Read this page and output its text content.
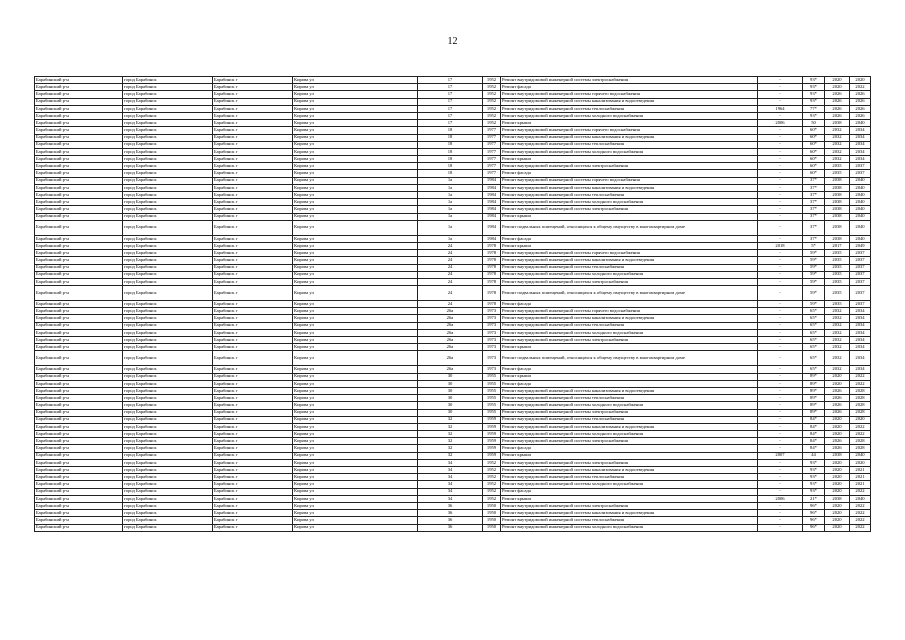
12
Барабинский р-н	город Барабинск	Барабинск г	Кирова ул	17	1952	Ремонт внутридомовой инженерной системы электроснабжения	-	93*	2020	2020
Барабинский р-н	город Барабинск	Барабинск г	Кирова ул	17	1952	Ремонт фасада	-	93*	2020	2022
Барабинский р-н	город Барабинск	Барабинск г	Кирова ул	17	1952	Ремонт внутридомовой инженерной системы горячего водоснабжения	-	93*	2026	2026
Барабинский р-н	город Барабинск	Барабинск г	Кирова ул	17	1952	Ремонт внутридомовой инженерной системы канализования и водоотведения	-	93*	2026	2026
Барабинский р-н	город Барабинск	Барабинск г	Кирова ул	17	1952	Ремонт внутридомовой инженерной системы теплоснабжения	1964	77*	2026	2026
Барабинский р-н	город Барабинск	Барабинск г	Кирова ул	17	1952	Ремонт внутридомовой инженерной системы холодного водоснабжения	-	93*	2026	2026
Барабинский р-н	город Барабинск	Барабинск г	Кирова ул	17	1952	Ремонт крыши	2006	50	2038	2040
Барабинский р-н	город Барабинск	Барабинск г	Кирова ул	18	1977	Ремонт внутридомовой инженерной системы горячего водоснабжения	-	60*	2032	2034
Барабинский р-н	город Барабинск	Барабинск г	Кирова ул	18	1977	Ремонт внутридомовой инженерной системы канализования и водоотведения	-	60*	2032	2034
Барабинский р-н	город Барабинск	Барабинск г	Кирова ул	18	1977	Ремонт внутридомовой инженерной системы теплоснабжения	-	60*	2032	2034
Барабинский р-н	город Барабинск	Барабинск г	Кирова ул	18	1977	Ремонт внутридомовой инженерной системы холодного водоснабжения	-	60*	2032	2034
Барабинский р-н	город Барабинск	Барабинск г	Кирова ул	18	1977	Ремонт крыши	-	60*	2032	2034
Барабинский р-н	город Барабинск	Барабинск г	Кирова ул	18	1977	Ремонт внутридомовой инженерной системы электроснабжения	-	60*	2035	2037
Барабинский р-н	город Барабинск	Барабинск г	Кирова ул	18	1977	Ремонт фасада	-	60*	2035	2037
Барабинский р-н	город Барабинск	Барабинск г	Кирова ул	1а	1984	Ремонт внутридомовой инженерной системы горячего водоснабжения	-	37*	2038	2040
Барабинский р-н	город Барабинск	Барабинск г	Кирова ул	1а	1984	Ремонт внутридомовой инженерной системы канализования и водоотведения	-	37*	2038	2040
Барабинский р-н	город Барабинск	Барабинск г	Кирова ул	1а	1984	Ремонт внутридомовой инженерной системы теплоснабжения	-	37*	2038	2040
Барабинский р-н	город Барабинск	Барабинск г	Кирова ул	1а	1984	Ремонт внутридомовой инженерной системы холодного водоснабжения	-	37*	2038	2040
Барабинский р-н	город Барабинск	Барабинск г	Кирова ул	1а	1984	Ремонт внутридомовой инженерной системы электроснабжения	-	37*	2038	2040
Барабинский р-н	город Барабинск	Барабинск г	Кирова ул	1а	1984	Ремонт крыши	-	37*	2038	2040
Барабинский р-н	город Барабинск	Барабинск г	Кирова ул	1а	1984	Ремонт подвальных помещений, относящихся к общему имуществу в многоквартирном доме	-	37*	2038	2040
Барабинский р-н	город Барабинск	Барабинск г	Кирова ул	1а	1984	Ремонт фасада	-	37*	2038	2040
Барабинский р-н	город Барабинск	Барабинск г	Кирова ул	24	1978	Ремонт крыши	2018	5*	2017	2049
Барабинский р-н	город Барабинск	Барабинск г	Кирова ул	24	1978	Ремонт внутридомовой инженерной системы горячего водоснабжения	-	59*	2035	2037
Барабинский р-н	город Барабинск	Барабинск г	Кирова ул	24	1978	Ремонт внутридомовой инженерной системы канализования и водоотведения	-	59*	2035	2037
Барабинский р-н	город Барабинск	Барабинск г	Кирова ул	24	1978	Ремонт внутридомовой инженерной системы теплоснабжения	-	59*	2035	2037
Барабинский р-н	город Барабинск	Барабинск г	Кирова ул	24	1978	Ремонт внутридомовой инженерной системы холодного водоснабжения	-	59*	2035	2037
Барабинский р-н	город Барабинск	Барабинск г	Кирова ул	24	1978	Ремонт внутридомовой инженерной системы электроснабжения	-	59*	2035	2037
Барабинский р-н	город Барабинск	Барабинск г	Кирова ул	24	1978	Ремонт подвальных помещений, относящихся к общему имуществу в многоквартирном доме	-	59*	2035	2037
Барабинский р-н	город Барабинск	Барабинск г	Кирова ул	24	1978	Ремонт фасада	-	59*	2035	2037
Барабинский р-н	город Барабинск	Барабинск г	Кирова ул	26а	1973	Ремонт внутридомовой инженерной системы горячего водоснабжения	-	65*	2032	2034
Барабинский р-н	город Барабинск	Барабинск г	Кирова ул	26а	1973	Ремонт внутридомовой инженерной системы канализования и водоотведения	-	65*	2032	2034
Барабинский р-н	город Барабинск	Барабинск г	Кирова ул	26а	1973	Ремонт внутридомовой инженерной системы теплоснабжения	-	65*	2032	2034
Барабинский р-н	город Барабинск	Барабинск г	Кирова ул	26а	1973	Ремонт внутридомовой инженерной системы холодного водоснабжения	-	65*	2032	2034
Барабинский р-н	город Барабинск	Барабинск г	Кирова ул	26а	1973	Ремонт внутридомовой инженерной системы электроснабжения	-	65*	2032	2034
Барабинский р-н	город Барабинск	Барабинск г	Кирова ул	26а	1973	Ремонт крыши	-	65*	2032	2034
Барабинский р-н	город Барабинск	Барабинск г	Кирова ул	26а	1973	Ремонт подвальных помещений, относящихся к общему имуществу в многоквартирном доме	-	65*	2032	2034
Барабинский р-н	город Барабинск	Барабинск г	Кирова ул	26а	1973	Ремонт фасада	-	65*	2032	2034
Барабинский р-н	город Барабинск	Барабинск г	Кирова ул	30	1955	Ремонт крыши	-	89*	2020	2022
Барабинский р-н	город Барабинск	Барабинск г	Кирова ул	30	1955	Ремонт фасада	-	89*	2020	2022
Барабинский р-н	город Барабинск	Барабинск г	Кирова ул	30	1955	Ремонт внутридомовой инженерной системы канализования и водоотведения	-	89*	2026	2028
Барабинский р-н	город Барабинск	Барабинск г	Кирова ул	30	1955	Ремонт внутридомовой инженерной системы теплоснабжения	-	89*	2026	2028
Барабинский р-н	город Барабинск	Барабинск г	Кирова ул	30	1955	Ремонт внутридомовой инженерной системы холодного водоснабжения	-	89*	2026	2028
Барабинский р-н	город Барабинск	Барабинск г	Кирова ул	30	1955	Ремонт внутридомовой инженерной системы электроснабжения	-	89*	2026	2028
Барабинский р-н	город Барабинск	Барабинск г	Кирова ул	32	1959	Ремонт внутридомовой инженерной системы теплоснабжения	-	84*	2020	2020
Барабинский р-н	город Барабинск	Барабинск г	Кирова ул	32	1959	Ремонт внутридомовой инженерной системы канализования и водоотведения	-	84*	2020	2022
Барабинский р-н	город Барабинск	Барабинск г	Кирова ул	32	1959	Ремонт внутридомовой инженерной системы холодного водоснабжения	-	84*	2020	2022
Барабинский р-н	город Барабинск	Барабинск г	Кирова ул	32	1959	Ремонт внутридомовой инженерной системы электроснабжения	-	84*	2026	2028
Барабинский р-н	город Барабинск	Барабинск г	Кирова ул	32	1959	Ремонт фасада	-	84*	2026	2028
Барабинский р-н	город Барабинск	Барабинск г	Кирова ул	32	1959	Ремонт крыши	2007	44	2038	2040
Барабинский р-н	город Барабинск	Барабинск г	Кирова ул	34	1952	Ремонт внутридомовой инженерной системы электроснабжения	-	93*	2020	2020
Барабинский р-н	город Барабинск	Барабинск г	Кирова ул	34	1952	Ремонт внутридомовой инженерной системы канализования и водоотведения	-	93*	2020	2021
Барабинский р-н	город Барабинск	Барабинск г	Кирова ул	34	1952	Ремонт внутридомовой инженерной системы теплоснабжения	-	93*	2020	2021
Барабинский р-н	город Барабинск	Барабинск г	Кирова ул	34	1952	Ремонт внутридомовой инженерной системы холодного водоснабжения	-	93*	2020	2021
Барабинский р-н	город Барабинск	Барабинск г	Кирова ул	34	1952	Ремонт фасада	-	93*	2020	2022
Барабинский р-н	город Барабинск	Барабинск г	Кирова ул	34	1952	Ремонт крыши	2006	21*	2038	2040
Барабинский р-н	город Барабинск	Барабинск г	Кирова ул	36	1950	Ремонт внутридомовой инженерной системы электроснабжения	-	96*	2020	2022
Барабинский р-н	город Барабинск	Барабинск г	Кирова ул	36	1950	Ремонт внутридомовой инженерной системы канализования и водоотведения	-	96*	2020	2022
Барабинский р-н	город Барабинск	Барабинск г	Кирова ул	36	1950	Ремонт внутридомовой инженерной системы теплоснабжения	-	96*	2020	2022
Барабинский р-н	город Барабинск	Барабинск г	Кирова ул	36	1950	Ремонт внутридомовой инженерной системы холодного водоснабжения	-	96*	2020	2022
